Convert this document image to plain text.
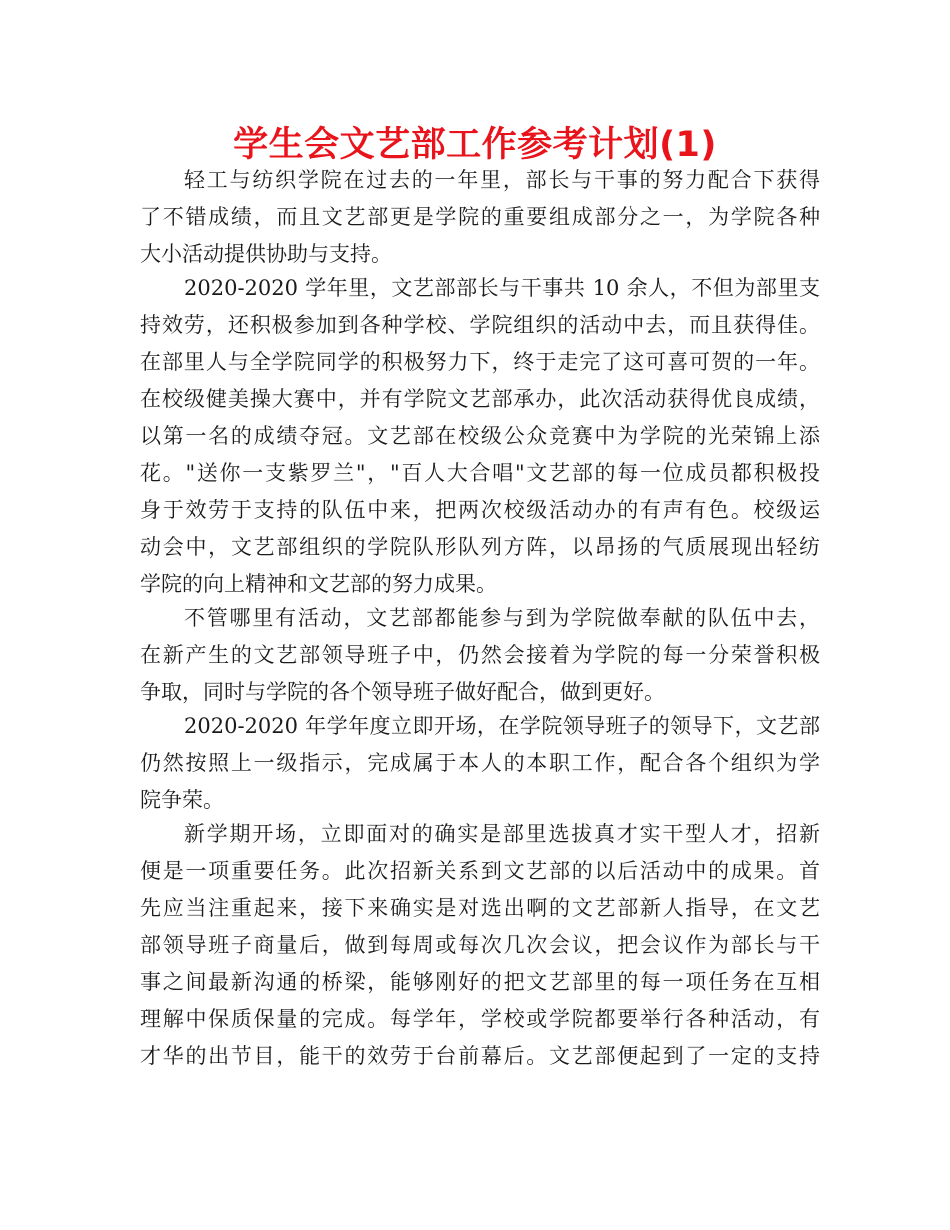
学生会文艺部工作参考计划(1)
轻工与纺织学院在过去的一年里，部长与干事的努力配合下获得
了不错成绩，而且文艺部更是学院的重要组成部分之一，为学院各种
大小活动提供协助与支持。
2020-2020 学年里，文艺部部长与干事共 10 余人，不但为部里支
持效劳，还积极参加到各种学校、学院组织的活动中去，而且获得佳。
在部里人与全学院同学的积极努力下，终于走完了这可喜可贺的一年。
在校级健美操大赛中，并有学院文艺部承办，此次活动获得优良成绩，
以第一名的成绩夺冠。文艺部在校级公众竞赛中为学院的光荣锦上添
花。"送你一支紫罗兰"，"百人大合唱"文艺部的每一位成员都积极投
身于效劳于支持的队伍中来，把两次校级活动办的有声有色。校级运
动会中，文艺部组织的学院队形队列方阵，以昂扬的气质展现出轻纺
学院的向上精神和文艺部的努力成果。
不管哪里有活动，文艺部都能参与到为学院做奉献的队伍中去，
在新产生的文艺部领导班子中，仍然会接着为学院的每一分荣誉积极
争取，同时与学院的各个领导班子做好配合，做到更好。
2020-2020 年学年度立即开场，在学院领导班子的领导下，文艺部
仍然按照上一级指示，完成属于本人的本职工作，配合各个组织为学
院争荣。
新学期开场，立即面对的确实是部里选拔真才实干型人才，招新
便是一项重要任务。此次招新关系到文艺部的以后活动中的成果。首
先应当注重起来，接下来确实是对选出啊的文艺部新人指导，在文艺
部领导班子商量后，做到每周或每次几次会议，把会议作为部长与干
事之间最新沟通的桥梁，能够刚好的把文艺部里的每一项任务在互相
理解中保质保量的完成。每学年，学校或学院都要举行各种活动，有
才华的出节目，能干的效劳于台前幕后。文艺部便起到了一定的支持
